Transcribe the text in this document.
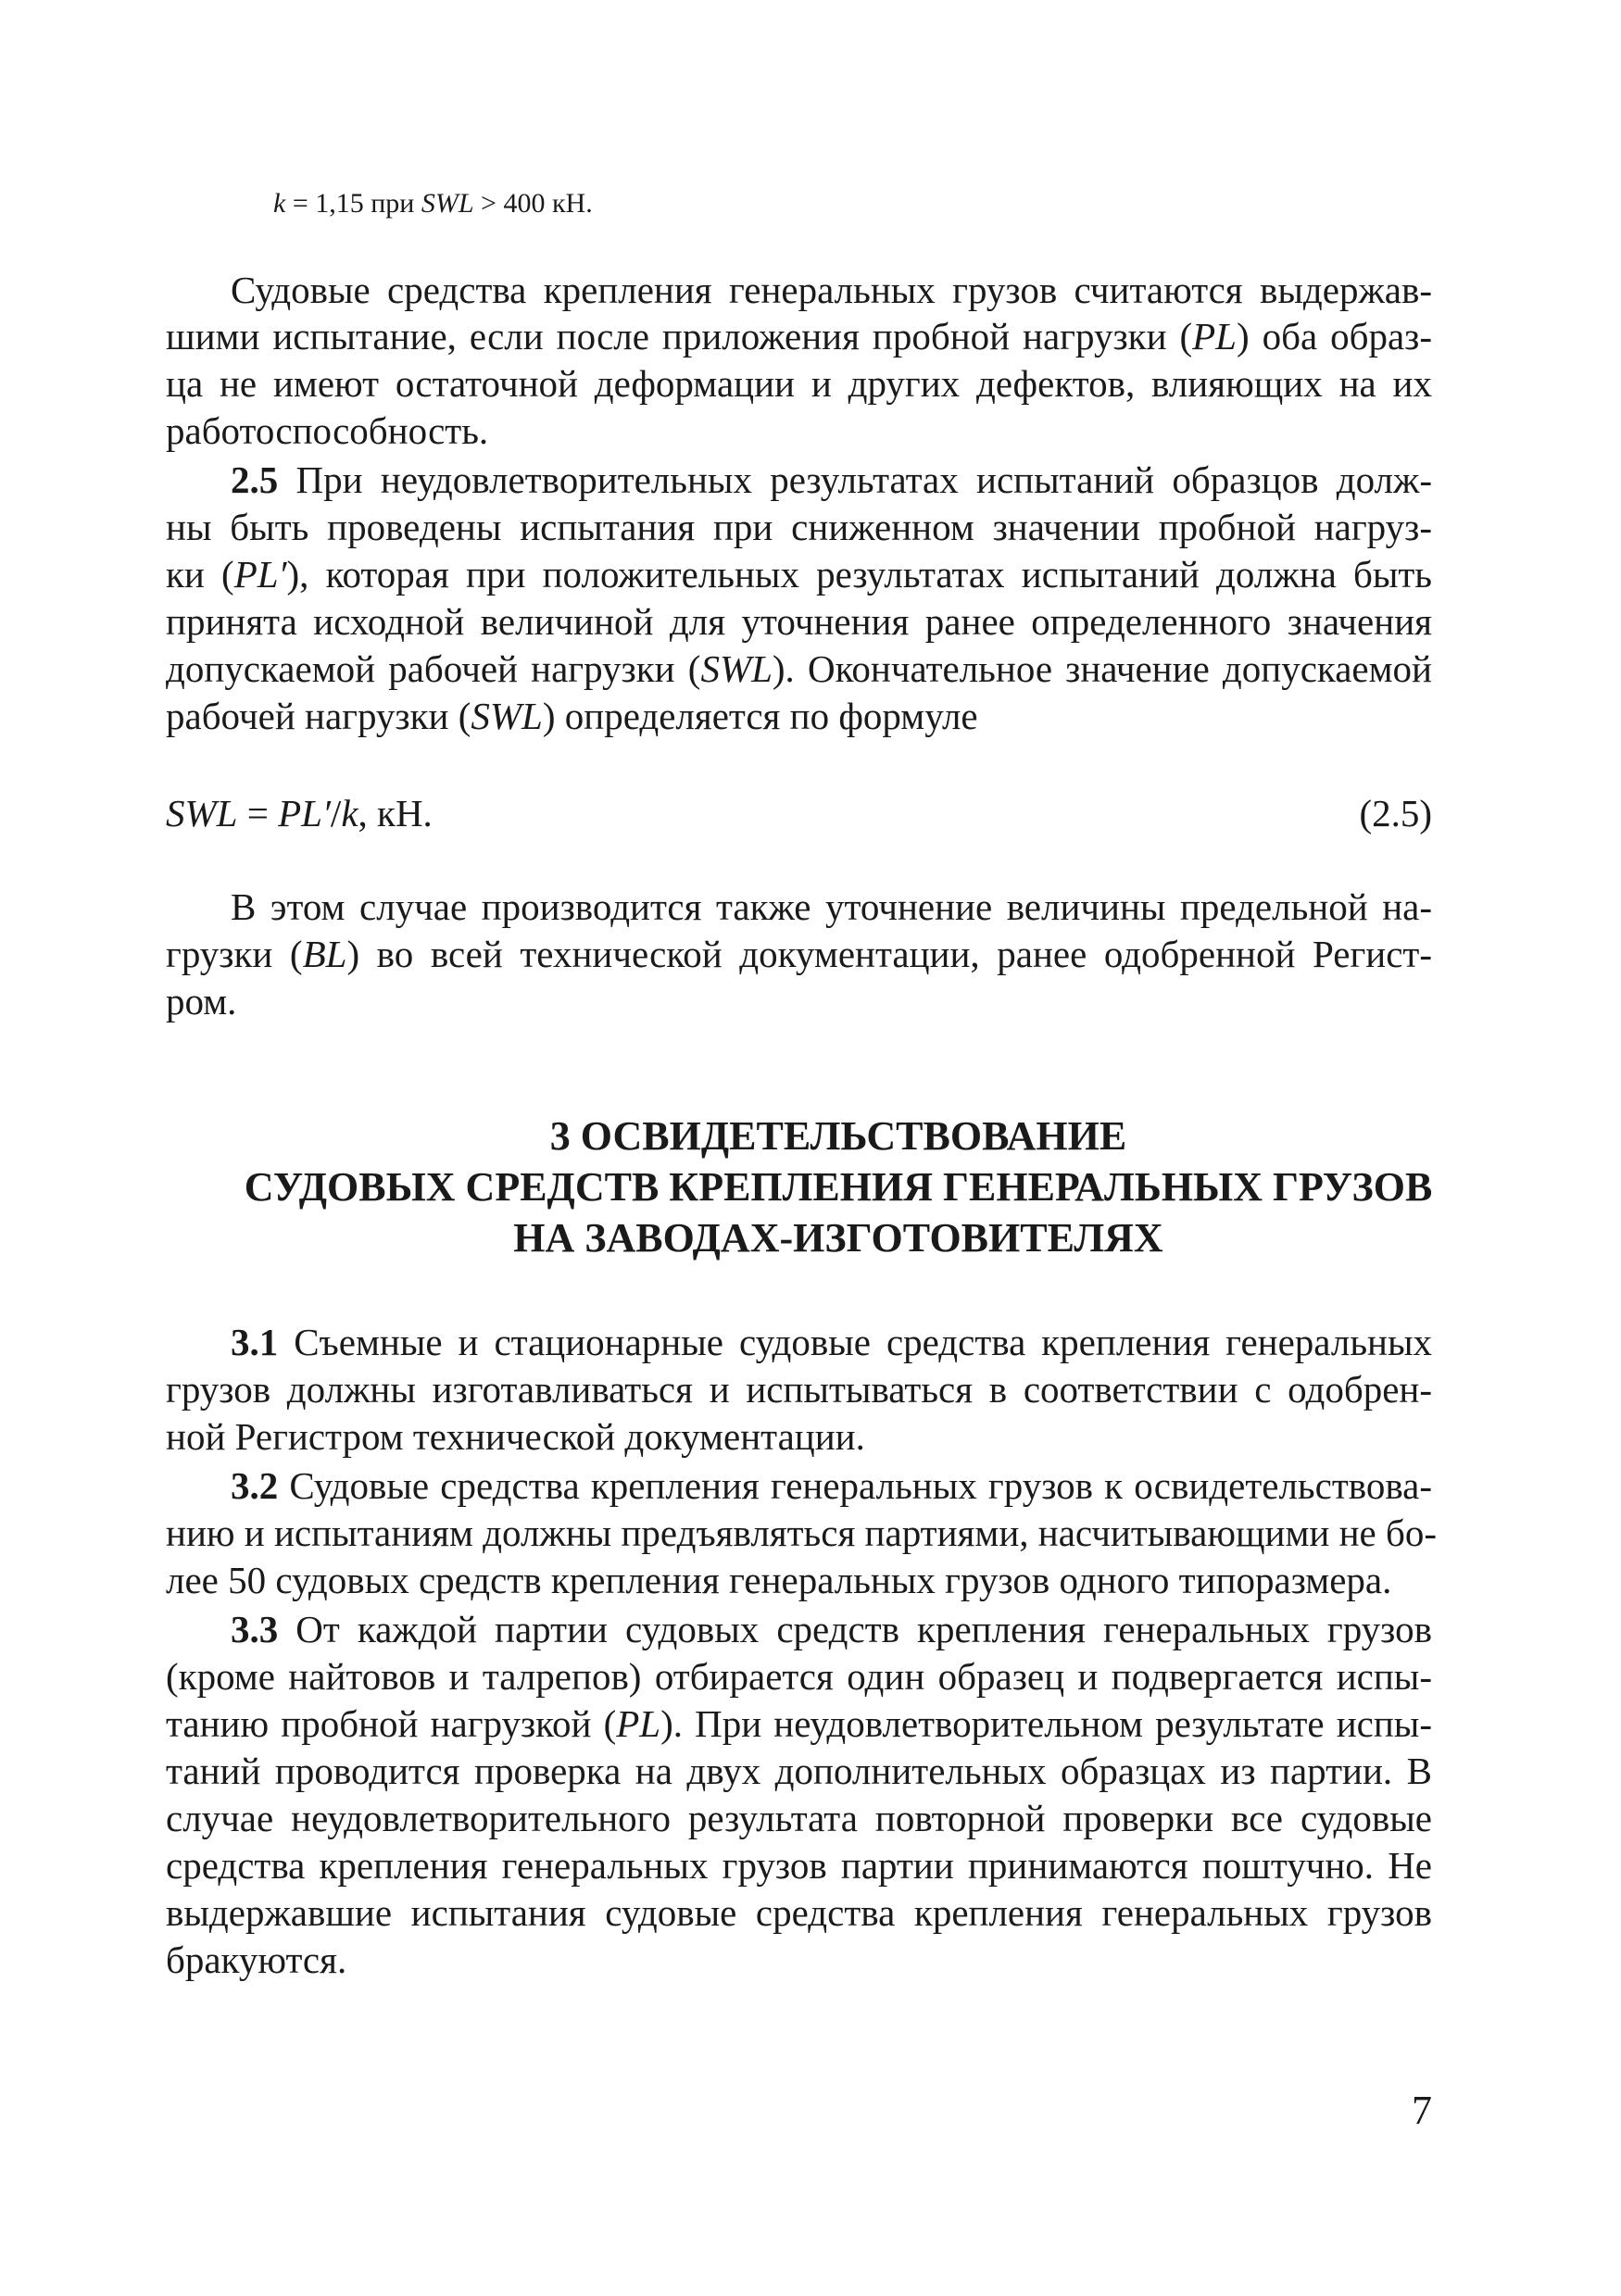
k = 1,15 при SWL > 400 кН.
Судовые средства крепления генеральных грузов считаются выдержав-
шими испытание, если после приложения пробной нагрузки (PL) оба образ-
ца не имеют остаточной деформации и других дефектов, влияющих на их
работоспособность.
2.5 При неудовлетворительных результатах испытаний образцов долж-
ны быть проведены испытания при сниженном значении пробной нагруз-
ки (PL′), которая при положительных результатах испытаний должна быть
принята исходной величиной для уточнения ранее определенного значения
допускаемой рабочей нагрузки (SWL). Окончательное значение допускаемой
рабочей нагрузки (SWL) определяется по формуле
SWL = PL′/k, кН.	(2.5)
В этом случае производится также уточнение величины предельной на-
грузки (BL) во всей технической документации, ранее одобренной Регист-
ром.
3 ОСВИДЕТЕЛЬСТВОВАНИЕ
СУДОВЫХ СРЕДСТВ КРЕПЛЕНИЯ ГЕНЕРАЛЬНЫХ ГРУЗОВ
НА ЗАВОДАХ-ИЗГОТОВИТЕЛЯХ
3.1 Съемные и стационарные судовые средства крепления генеральных
грузов должны изготавливаться и испытываться в соответствии с одобрен-
ной Регистром технической документации.
3.2 Судовые средства крепления генеральных грузов к освидетельствова-
нию и испытаниям должны предъявляться партиями, насчитывающими не бо-
лее 50 судовых средств крепления генеральных грузов одного типоразмера.
3.3 От каждой партии судовых средств крепления генеральных грузов
(кроме найтовов и талрепов) отбирается один образец и подвергается испы-
танию пробной нагрузкой (PL). При неудовлетворительном результате испы-
таний проводится проверка на двух дополнительных образцах из партии. В
случае неудовлетворительного результата повторной проверки все судовые
средства крепления генеральных грузов партии принимаются поштучно. Не
выдержавшие испытания судовые средства крепления генеральных грузов
бракуются.
7
